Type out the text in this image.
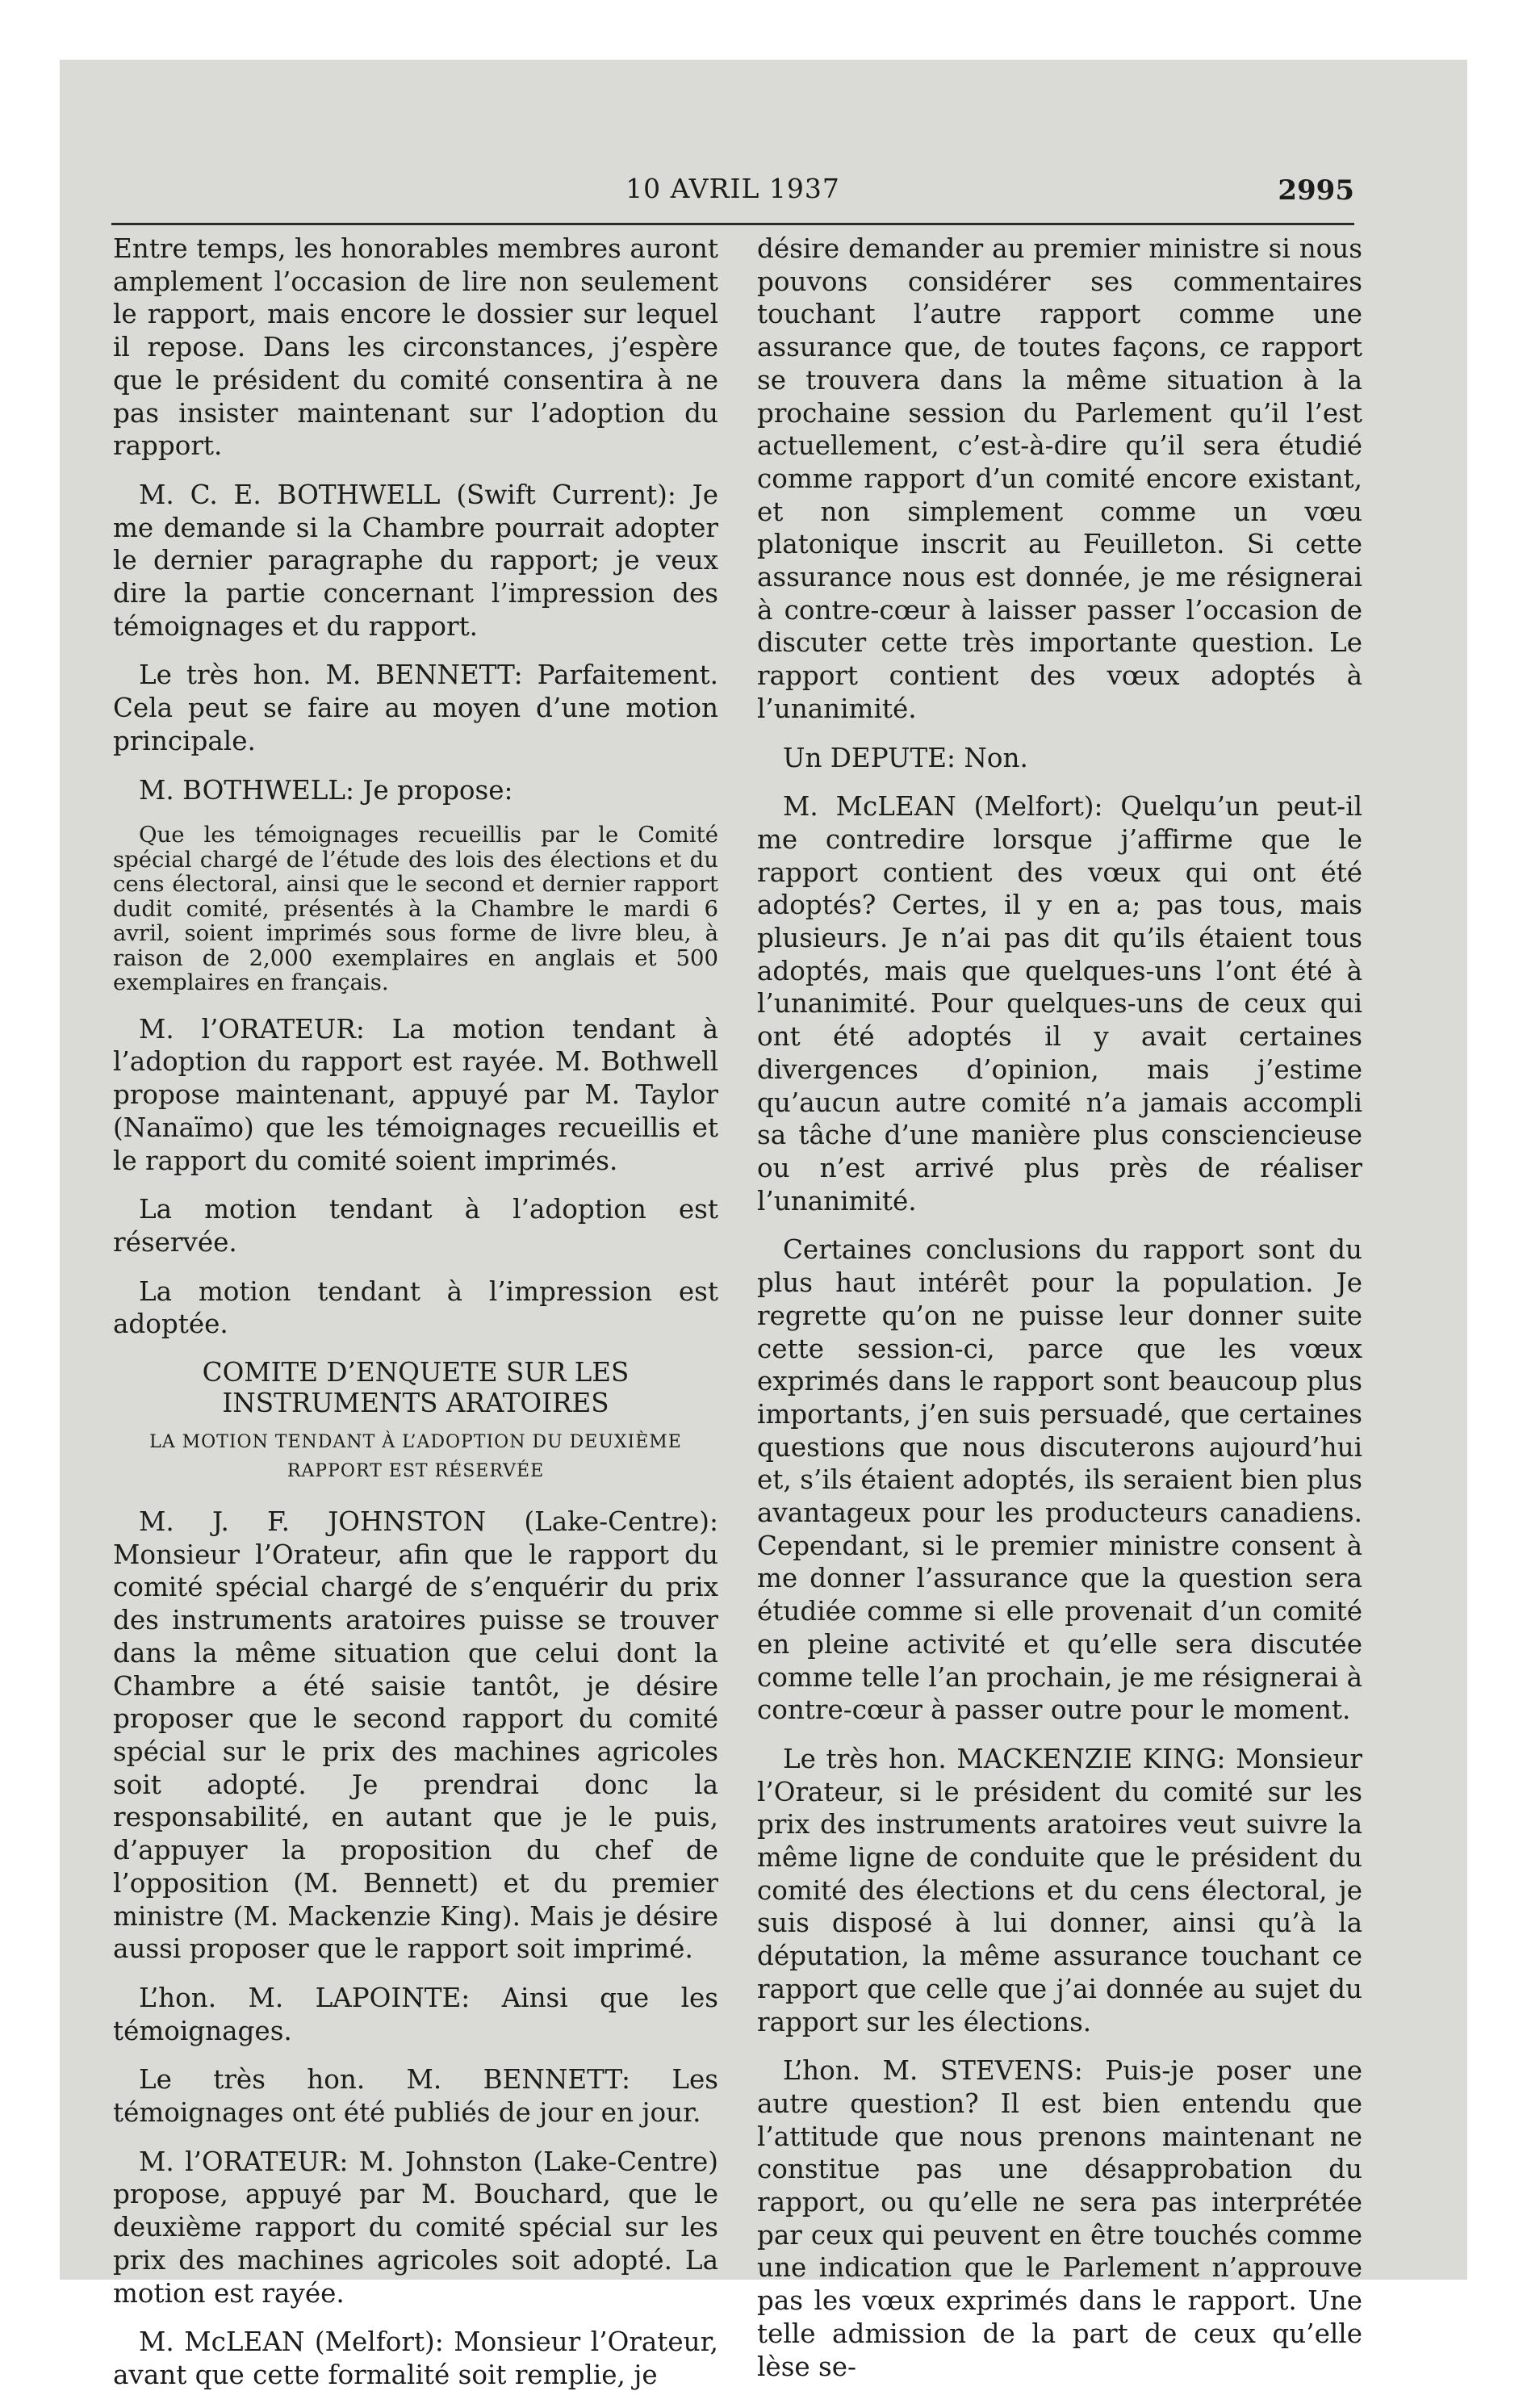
10 AVRIL 1937	2995

Entre temps, les honorables membres auront amplement l’occasion de lire non seulement le rapport, mais encore le dossier sur lequel il repose. Dans les circonstances, j’espère que le président du comité consentira à ne pas insister maintenant sur l’adoption du rapport.

M. C. E. BOTHWELL (Swift Current): Je me demande si la Chambre pourrait adopter le dernier paragraphe du rapport; je veux dire la partie concernant l’impression des témoignages et du rapport.

Le très hon. M. BENNETT: Parfaitement. Cela peut se faire au moyen d’une motion principale.

M. BOTHWELL: Je propose:

Que les témoignages recueillis par le Comité spécial chargé de l’étude des lois des élections et du cens électoral, ainsi que le second et dernier rapport dudit comité, présentés à la Chambre le mardi 6 avril, soient imprimés sous forme de livre bleu, à raison de 2,000 exemplaires en anglais et 500 exemplaires en français.

M. l’ORATEUR: La motion tendant à l’adoption du rapport est rayée. M. Bothwell propose maintenant, appuyé par M. Taylor (Nanaïmo) que les témoignages recueillis et le rapport du comité soient imprimés.

La motion tendant à l’adoption est réservée.

La motion tendant à l’impression est adoptée.

COMITE D’ENQUETE SUR LES INSTRUMENTS ARATOIRES
LA MOTION TENDANT À L’ADOPTION DU DEUXIÈME RAPPORT EST RÉSERVÉE

M. J. F. JOHNSTON (Lake-Centre): Monsieur l’Orateur, afin que le rapport du comité spécial chargé de s’enquérir du prix des instruments aratoires puisse se trouver dans la même situation que celui dont la Chambre a été saisie tantôt, je désire proposer que le second rapport du comité spécial sur le prix des machines agricoles soit adopté. Je prendrai donc la responsabilité, en autant que je le puis, d’appuyer la proposition du chef de l’opposition (M. Bennett) et du premier ministre (M. Mackenzie King). Mais je désire aussi proposer que le rapport soit imprimé.

L’hon. M. LAPOINTE: Ainsi que les témoignages.

Le très hon. M. BENNETT: Les témoignages ont été publiés de jour en jour.

M. l’ORATEUR: M. Johnston (Lake-Centre) propose, appuyé par M. Bouchard, que le deuxième rapport du comité spécial sur les prix des machines agricoles soit adopté. La motion est rayée.

M. McLEAN (Melfort): Monsieur l’Orateur, avant que cette formalité soit remplie, je

désire demander au premier ministre si nous pouvons considérer ses commentaires touchant l’autre rapport comme une assurance que, de toutes façons, ce rapport se trouvera dans la même situation à la prochaine session du Parlement qu’il l’est actuellement, c’est-à-dire qu’il sera étudié comme rapport d’un comité encore existant, et non simplement comme un vœu platonique inscrit au Feuilleton. Si cette assurance nous est donnée, je me résignerai à contre-cœur à laisser passer l’occasion de discuter cette très importante question. Le rapport contient des vœux adoptés à l’unanimité.

Un DEPUTE: Non.

M. McLEAN (Melfort): Quelqu’un peut-il me contredire lorsque j’affirme que le rapport contient des vœux qui ont été adoptés? Certes, il y en a; pas tous, mais plusieurs. Je n’ai pas dit qu’ils étaient tous adoptés, mais que quelques-uns l’ont été à l’unanimité. Pour quelques-uns de ceux qui ont été adoptés il y avait certaines divergences d’opinion, mais j’estime qu’aucun autre comité n’a jamais accompli sa tâche d’une manière plus consciencieuse ou n’est arrivé plus près de réaliser l’unanimité.

Certaines conclusions du rapport sont du plus haut intérêt pour la population. Je regrette qu’on ne puisse leur donner suite cette session-ci, parce que les vœux exprimés dans le rapport sont beaucoup plus importants, j’en suis persuadé, que certaines questions que nous discuterons aujourd’hui et, s’ils étaient adoptés, ils seraient bien plus avantageux pour les producteurs canadiens. Cependant, si le premier ministre consent à me donner l’assurance que la question sera étudiée comme si elle provenait d’un comité en pleine activité et qu’elle sera discutée comme telle l’an prochain, je me résignerai à contre-cœur à passer outre pour le moment.

Le très hon. MACKENZIE KING: Monsieur l’Orateur, si le président du comité sur les prix des instruments aratoires veut suivre la même ligne de conduite que le président du comité des élections et du cens électoral, je suis disposé à lui donner, ainsi qu’à la députation, la même assurance touchant ce rapport que celle que j’ai donnée au sujet du rapport sur les élections.

L’hon. M. STEVENS: Puis-je poser une autre question? Il est bien entendu que l’attitude que nous prenons maintenant ne constitue pas une désapprobation du rapport, ou qu’elle ne sera pas interprétée par ceux qui peuvent en être touchés comme une indication que le Parlement n’approuve pas les vœux exprimés dans le rapport. Une telle admission de la part de ceux qu’elle lèse se-
